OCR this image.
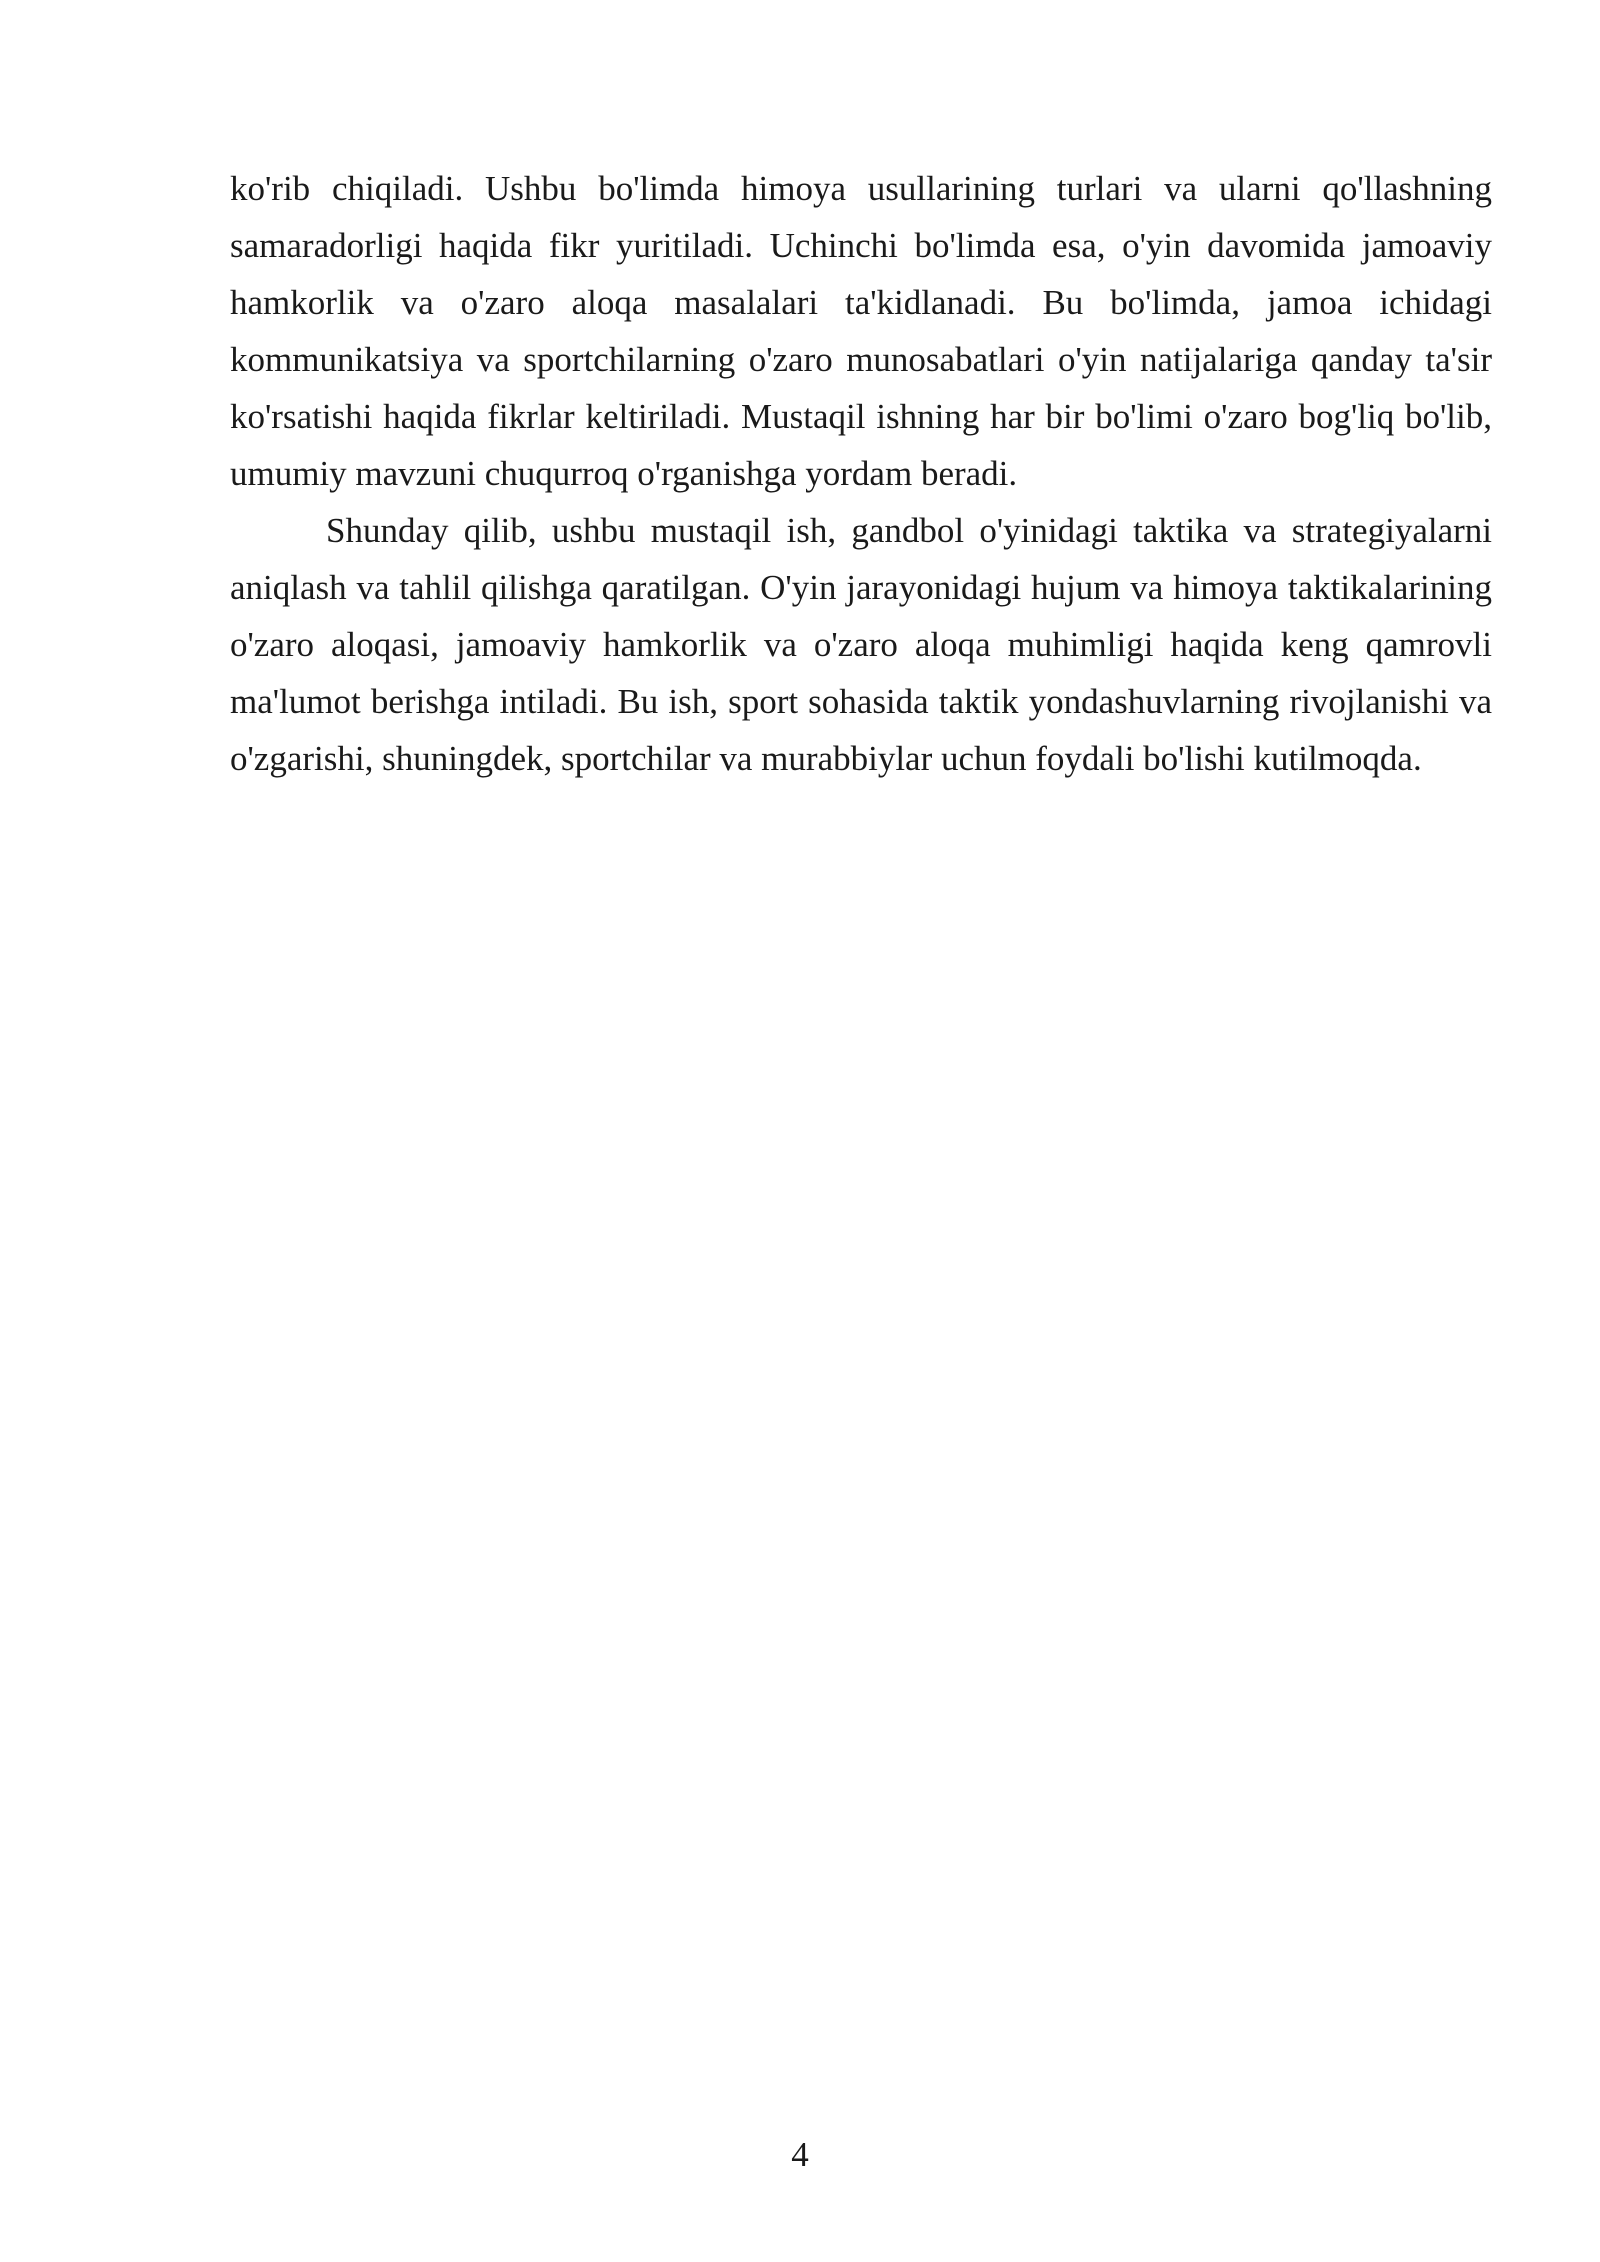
ko'rib chiqiladi. Ushbu bo'limda himoya usullarining turlari va ularni qo'llashning samaradorligi haqida fikr yuritiladi. Uchinchi bo'limda esa, o'yin davomida jamoaviy hamkorlik va o'zaro aloqa masalalari ta'kidlanadi. Bu bo'limda, jamoa ichidagi kommunikatsiya va sportchilarning o'zaro munosabatlari o'yin natijalariga qanday ta'sir ko'rsatishi haqida fikrlar keltiriladi. Mustaqil ishning har bir bo'limi o'zaro bog'liq bo'lib, umumiy mavzuni chuqurroq o'rganishga yordam beradi.

Shunday qilib, ushbu mustaqil ish, gandbol o'yinidagi taktika va strategiyalarni aniqlash va tahlil qilishga qaratilgan. O'yin jarayonidagi hujum va himoya taktikalarining o'zaro aloqasi, jamoaviy hamkorlik va o'zaro aloqa muhimligi haqida keng qamrovli ma'lumot berishga intiladi. Bu ish, sport sohasida taktik yondashuvlarning rivojlanishi va o'zgarishi, shuningdek, sportchilar va murabbiylar uchun foydali bo'lishi kutilmoqda.

4
